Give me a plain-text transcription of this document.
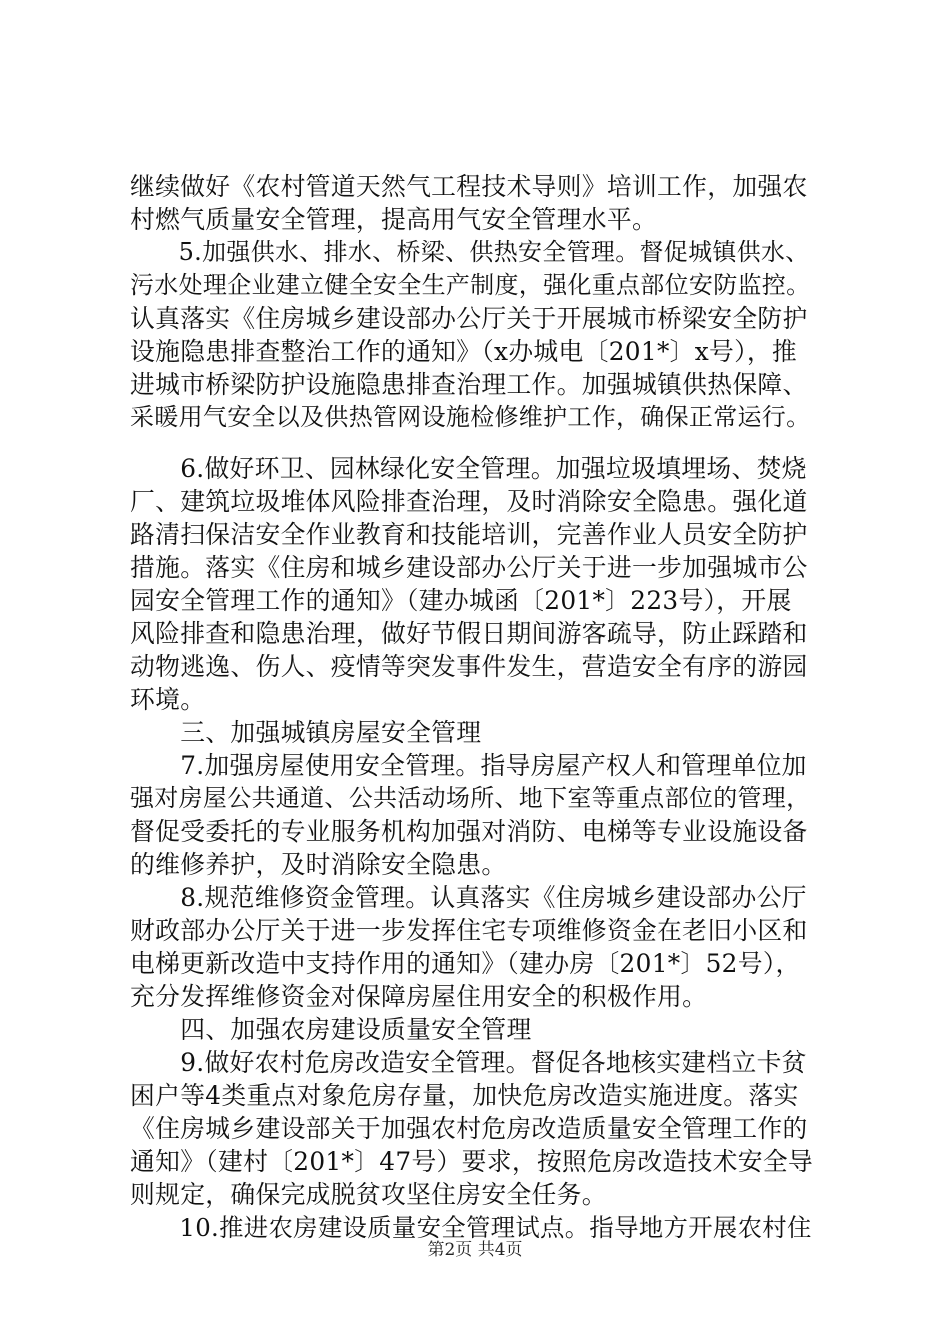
继续做好《农村管道天然气工程技术导则》培训工作，加强农
村燃气质量安全管理，提高用气安全管理水平。
　　5.加强供水、排水、桥梁、供热安全管理。督促城镇供水、
污水处理企业建立健全安全生产制度，强化重点部位安防监控。
认真落实《住房城乡建设部办公厅关于开展城市桥梁安全防护
设施隐患排查整治工作的通知》（x办城电〔201*〕x号），推
进城市桥梁防护设施隐患排查治理工作。加强城镇供热保障、
采暖用气安全以及供热管网设施检修维护工作，确保正常运行。
　　6.做好环卫、园林绿化安全管理。加强垃圾填埋场、焚烧
厂、建筑垃圾堆体风险排查治理，及时消除安全隐患。强化道
路清扫保洁安全作业教育和技能培训，完善作业人员安全防护
措施。落实《住房和城乡建设部办公厅关于进一步加强城市公
园安全管理工作的通知》（建办城函〔201*〕223号），开展
风险排查和隐患治理，做好节假日期间游客疏导，防止踩踏和
动物逃逸、伤人、疫情等突发事件发生，营造安全有序的游园
环境。
　　三、加强城镇房屋安全管理
　　7.加强房屋使用安全管理。指导房屋产权人和管理单位加
强对房屋公共通道、公共活动场所、地下室等重点部位的管理，
督促受委托的专业服务机构加强对消防、电梯等专业设施设备
的维修养护，及时消除安全隐患。
　　8.规范维修资金管理。认真落实《住房城乡建设部办公厅
财政部办公厅关于进一步发挥住宅专项维修资金在老旧小区和
电梯更新改造中支持作用的通知》（建办房〔201*〕52号），
充分发挥维修资金对保障房屋住用安全的积极作用。
　　四、加强农房建设质量安全管理
　　9.做好农村危房改造安全管理。督促各地核实建档立卡贫
困户等4类重点对象危房存量，加快危房改造实施进度。落实
《住房城乡建设部关于加强农村危房改造质量安全管理工作的
通知》（建村〔201*〕47号）要求，按照危房改造技术安全导
则规定，确保完成脱贫攻坚住房安全任务。
　　10.推进农房建设质量安全管理试点。指导地方开展农村住
第2页 共4页
